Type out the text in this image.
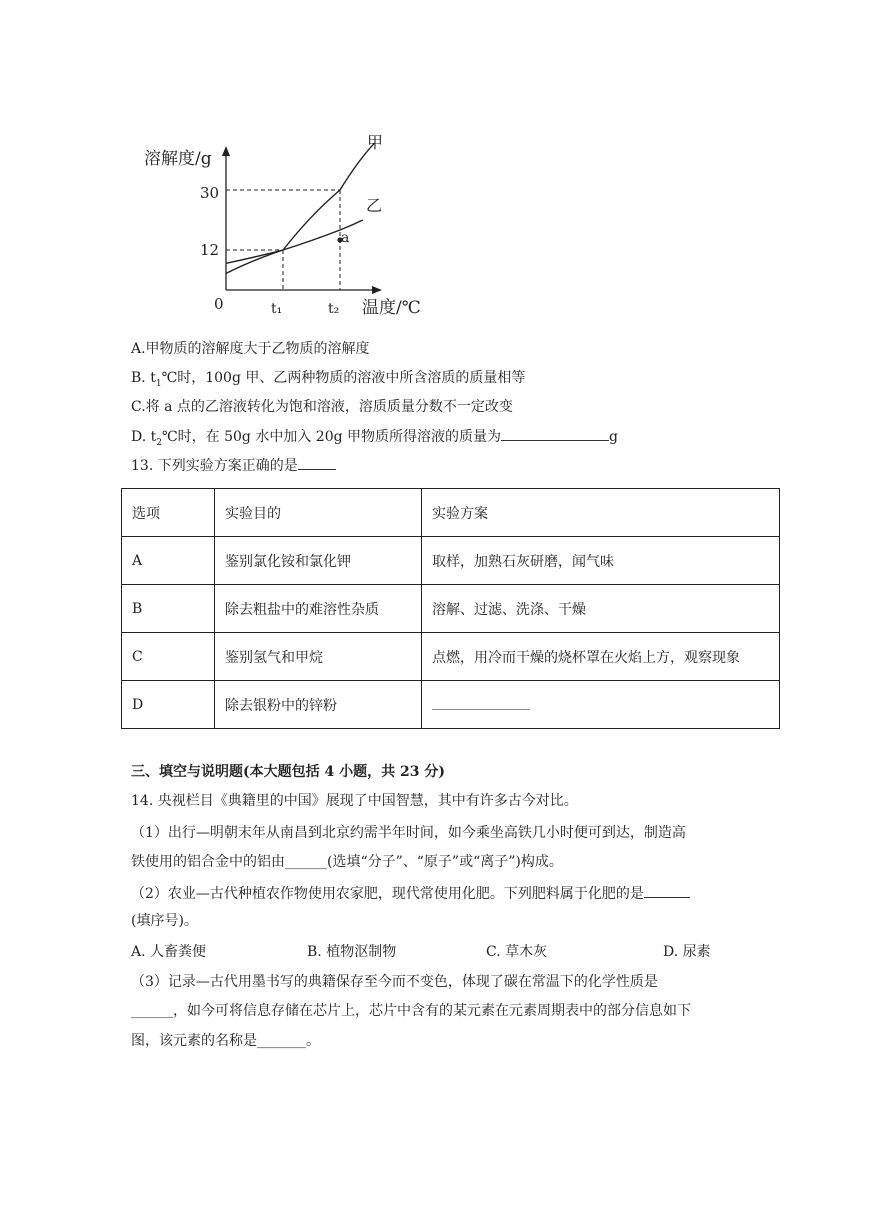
溶解度/g
温度/℃
0
12
30
t₁	t₂
甲
乙
a
A.甲物质的溶解度大于乙物质的溶解度
B. $t_1℃$时，100g 甲、乙两种物质的溶液中所含溶质的质量相等
C.将 a 点的乙溶液转化为饱和溶液，溶质质量分数不一定改变
D. $t_2℃$时，在 50g 水中加入 20g 甲物质所得溶液的质量为	g
13. 下列实验方案正确的是
选项	实验目的	实验方案
A	鉴别氯化铵和氯化钾	取样，加熟石灰研磨，闻气味
B	除去粗盐中的难溶性杂质	溶解、过滤、洗涤、干燥
C	鉴别氢气和甲烷	点燃，用冷而干燥的烧杯罩在火焰上方，观察现象
D	除去银粉中的锌粉	
三、填空与说明题(本大题包括 4 小题，共 23 分)
14. 央视栏目《典籍里的中国》展现了中国智慧，其中有许多古今对比。
（1）出行—明朝末年从南昌到北京约需半年时间，如今乘坐高铁几小时便可到达，制造高
铁使用的铝合金中的铝由______(选填“分子”、“原子”或“离子”)构成。
（2）农业—古代种植农作物使用农家肥，现代常使用化肥。下列肥料属于化肥的是
(填序号)。
A. 人畜粪便	B. 植物沤制物	C. 草木灰	D. 尿素
（3）记录—古代用墨书写的典籍保存至今而不变色，体现了碳在常温下的化学性质是
______，如今可将信息存储在芯片上，芯片中含有的某元素在元素周期表中的部分信息如下
图，该元素的名称是_______。
